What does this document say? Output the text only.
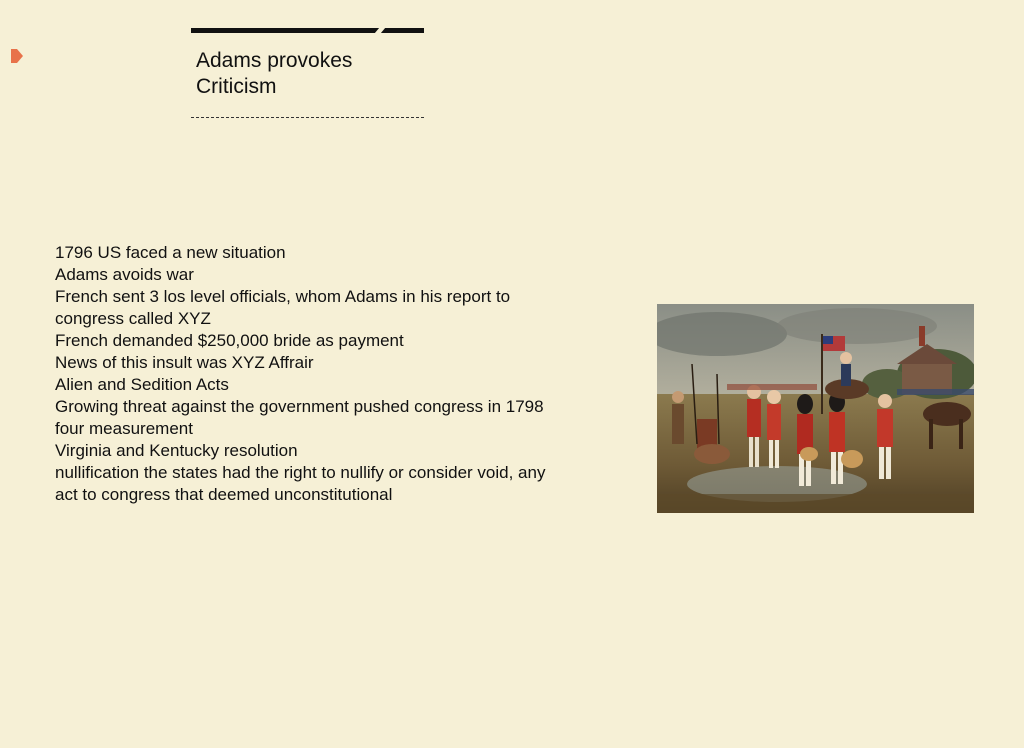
Adams provokes Criticism
1796 US faced a new situation
Adams avoids war
French sent 3 los level officials, whom Adams in his report to congress called XYZ
French demanded $250,000 bride as payment
News of this insult was XYZ Affrair
Alien and Sedition Acts
Growing threat against the government pushed congress in 1798 four measurement
Virginia and Kentucky resolution
nullification the states had the right to nullify or consider void, any act to congress that deemed unconstitutional
